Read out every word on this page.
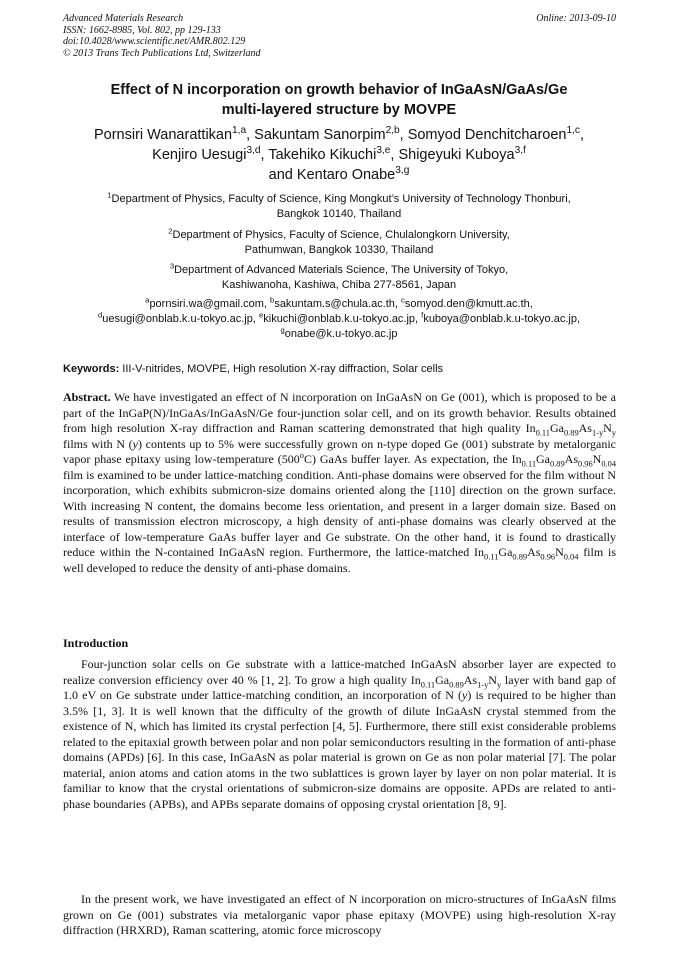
Advanced Materials Research
ISSN: 1662-8985, Vol. 802, pp 129-133
doi:10.4028/www.scientific.net/AMR.802.129
© 2013 Trans Tech Publications Ltd, Switzerland
Online: 2013-09-10
Effect of N incorporation on growth behavior of InGaAsN/GaAs/Ge
multi-layered structure by MOVPE
Pornsiri Wanarattikan$^{1,a}$, Sakuntam Sanorpim$^{2,b}$, Somyod Denchitcharoen$^{1,c}$,
Kenjiro Uesugi$^{3,d}$, Takehiko Kikuchi$^{3,e}$, Shigeyuki Kuboya$^{3,f}$
and Kentaro Onabe$^{3,g}$
$^1$Department of Physics, Faculty of Science, King Mongkut’s University of Technology Thonburi,
Bangkok 10140, Thailand
$^2$Department of Physics, Faculty of Science, Chulalongkorn University,
Pathumwan, Bangkok 10330, Thailand
$^3$Department of Advanced Materials Science, The University of Tokyo,
Kashiwanoha, Kashiwa, Chiba 277-8561, Japan
$^a$pornsiri.wa@gmail.com, $^b$sakuntam.s@chula.ac.th, $^c$somyod.den@kmutt.ac.th,
$^d$uesugi@onblab.k.u-tokyo.ac.jp, $^e$kikuchi@onblab.k.u-tokyo.ac.jp, $^f$kuboya@onblab.k.u-tokyo.ac.jp,
$^g$onabe@k.u-tokyo.ac.jp
Keywords: III-V-nitrides, MOVPE, High resolution X-ray diffraction, Solar cells
Abstract. We have investigated an effect of N incorporation on InGaAsN on Ge (001), which is proposed to be a part of the InGaP(N)/InGaAs/InGaAsN/Ge four-junction solar cell, and on its growth behavior. Results obtained from high resolution X-ray diffraction and Raman scattering demonstrated that high quality $In_{0.11}Ga_{0.89}As_{1-y}N_y$ films with N (y) contents up to 5% were successfully grown on n-type doped Ge (001) substrate by metalorganic vapor phase epitaxy using low-temperature (500$^o$C) GaAs buffer layer. As expectation, the $In_{0.11}Ga_{0.89}As_{0.96}N_{0.04}$ film is examined to be under lattice-matching condition. Anti-phase domains were observed for the film without N incorporation, which exhibits submicron-size domains oriented along the [110] direction on the grown surface. With increasing N content, the domains become less orientation, and present in a larger domain size. Based on results of transmission electron microscopy, a high density of anti-phase domains was clearly observed at the interface of low-temperature GaAs buffer layer and Ge substrate. On the other hand, it is found to drastically reduce within the N-contained InGaAsN region. Furthermore, the lattice-matched $In_{0.11}Ga_{0.89}As_{0.96}N_{0.04}$ film is well developed to reduce the density of anti-phase domains.
Introduction
Four-junction solar cells on Ge substrate with a lattice-matched InGaAsN absorber layer are expected to realize conversion efficiency over 40 % [1, 2]. To grow a high quality $In_{0.11}Ga_{0.89}As_{1-y}N_y$ layer with band gap of 1.0 eV on Ge substrate under lattice-matching condition, an incorporation of N (y) is required to be higher than 3.5% [1, 3]. It is well known that the difficulty of the growth of dilute InGaAsN crystal stemmed from the existence of N, which has limited its crystal perfection [4, 5]. Furthermore, there still exist considerable problems related to the epitaxial growth between polar and non polar semiconductors resulting in the formation of anti-phase domains (APDs) [6]. In this case, InGaAsN as polar material is grown on Ge as non polar material [7]. The polar material, anion atoms and cation atoms in the two sublattices is grown layer by layer on non polar material. It is familiar to know that the crystal orientations of submicron-size domains are opposite. APDs are related to anti-phase boundaries (APBs), and APBs separate domains of opposing crystal orientation [8, 9].
In the present work, we have investigated an effect of N incorporation on micro-structures of InGaAsN films grown on Ge (001) substrates via metalorganic vapor phase epitaxy (MOVPE) using high-resolution X-ray diffraction (HRXRD), Raman scattering, atomic force microscopy
